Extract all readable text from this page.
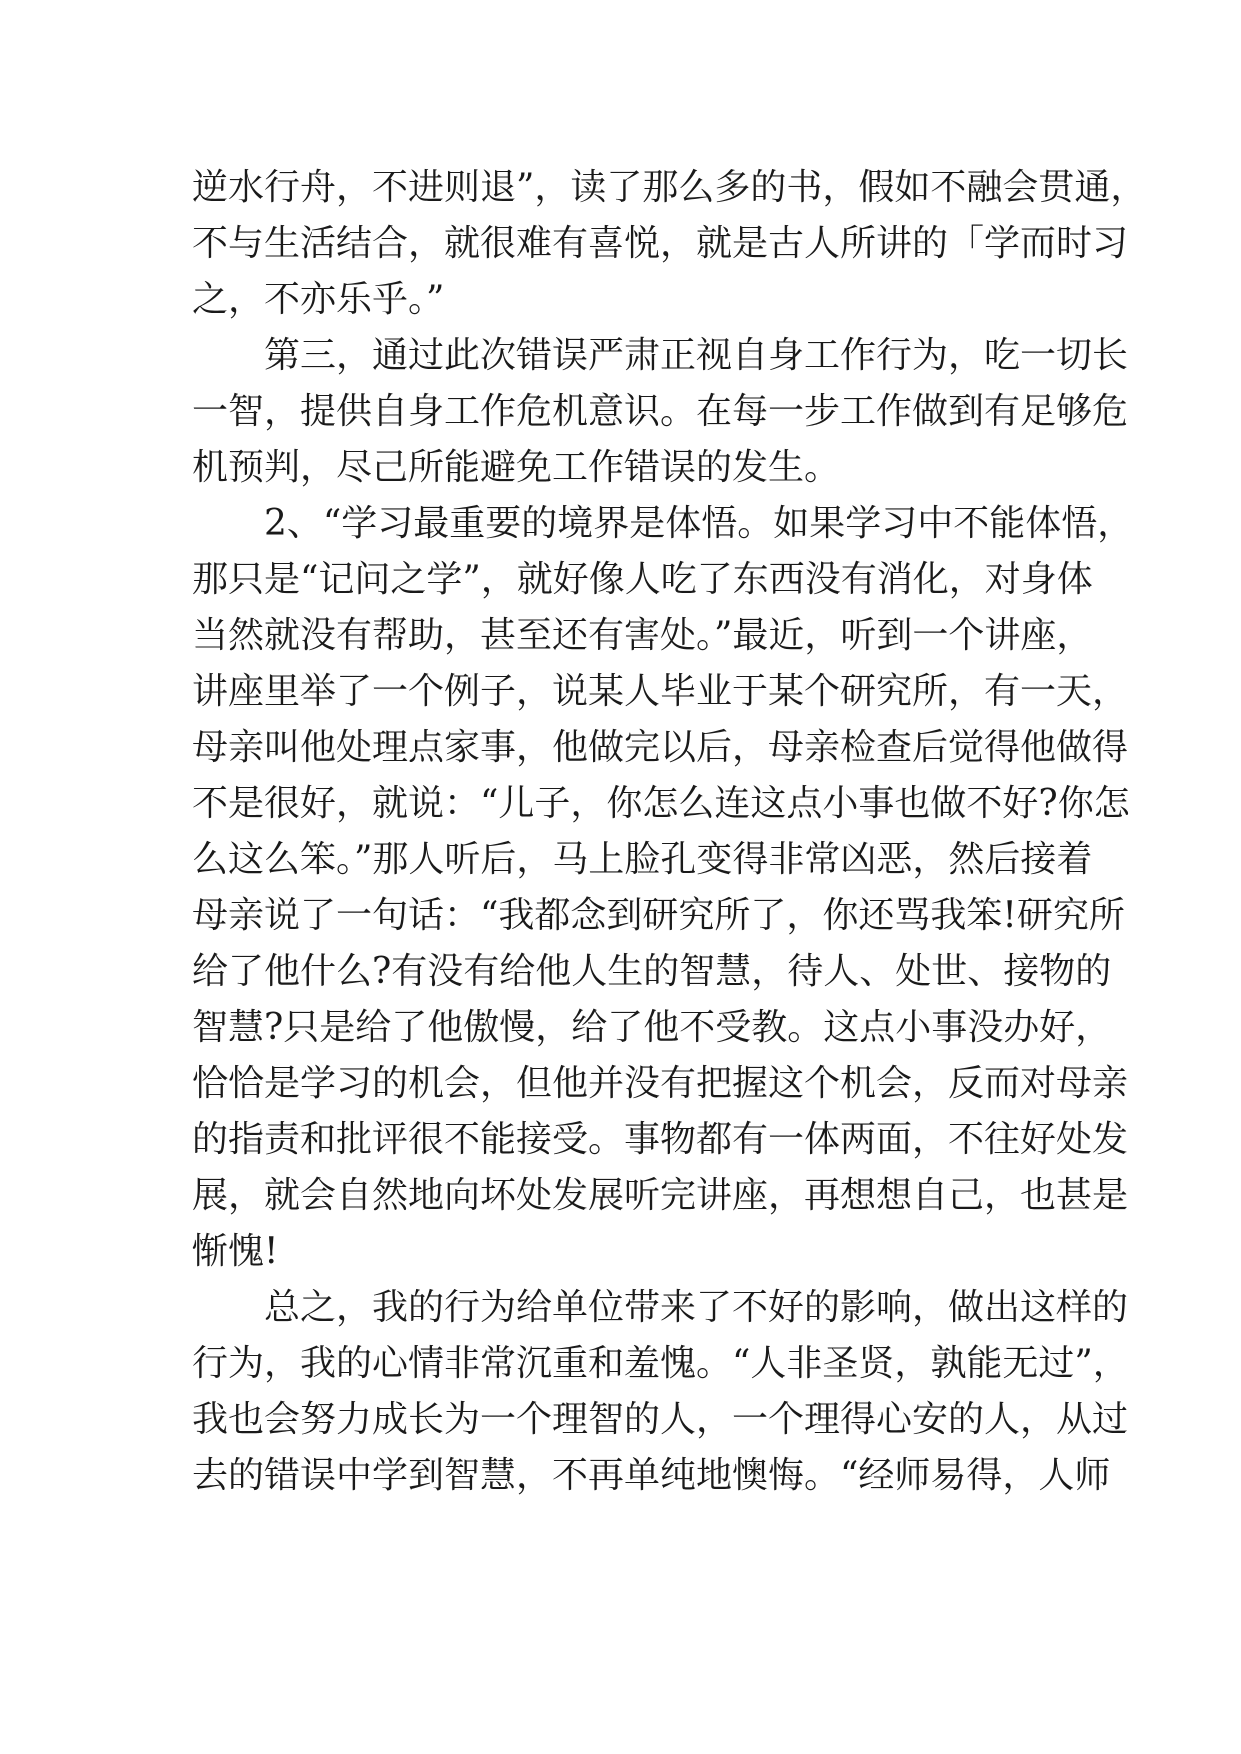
逆水行舟，不进则退”，读了那么多的书，假如不融会贯通，
不与生活结合，就很难有喜悦，就是古人所讲的「学而时习
之，不亦乐乎。”
第三，通过此次错误严肃正视自身工作行为，吃一切长
一智，提供自身工作危机意识。在每一步工作做到有足够危
机预判，尽己所能避免工作错误的发生。
2、“学习最重要的境界是体悟。如果学习中不能体悟，
那只是“记问之学”，就好像人吃了东西没有消化，对身体
当然就没有帮助，甚至还有害处。”最近，听到一个讲座，
讲座里举了一个例子，说某人毕业于某个研究所，有一天，
母亲叫他处理点家事，他做完以后，母亲检查后觉得他做得
不是很好，就说：“儿子，你怎么连这点小事也做不好?你怎
么这么笨。”那人听后，马上脸孔变得非常凶恶，然后接着
母亲说了一句话：“我都念到研究所了，你还骂我笨!研究所
给了他什么?有没有给他人生的智慧，待人、处世、接物的
智慧?只是给了他傲慢，给了他不受教。这点小事没办好，
恰恰是学习的机会，但他并没有把握这个机会，反而对母亲
的指责和批评很不能接受。事物都有一体两面，不往好处发
展，就会自然地向坏处发展听完讲座，再想想自己，也甚是
惭愧!
总之，我的行为给单位带来了不好的影响，做出这样的
行为，我的心情非常沉重和羞愧。“人非圣贤，孰能无过”，
我也会努力成长为一个理智的人，一个理得心安的人，从过
去的错误中学到智慧，不再单纯地懊悔。“经师易得，人师
